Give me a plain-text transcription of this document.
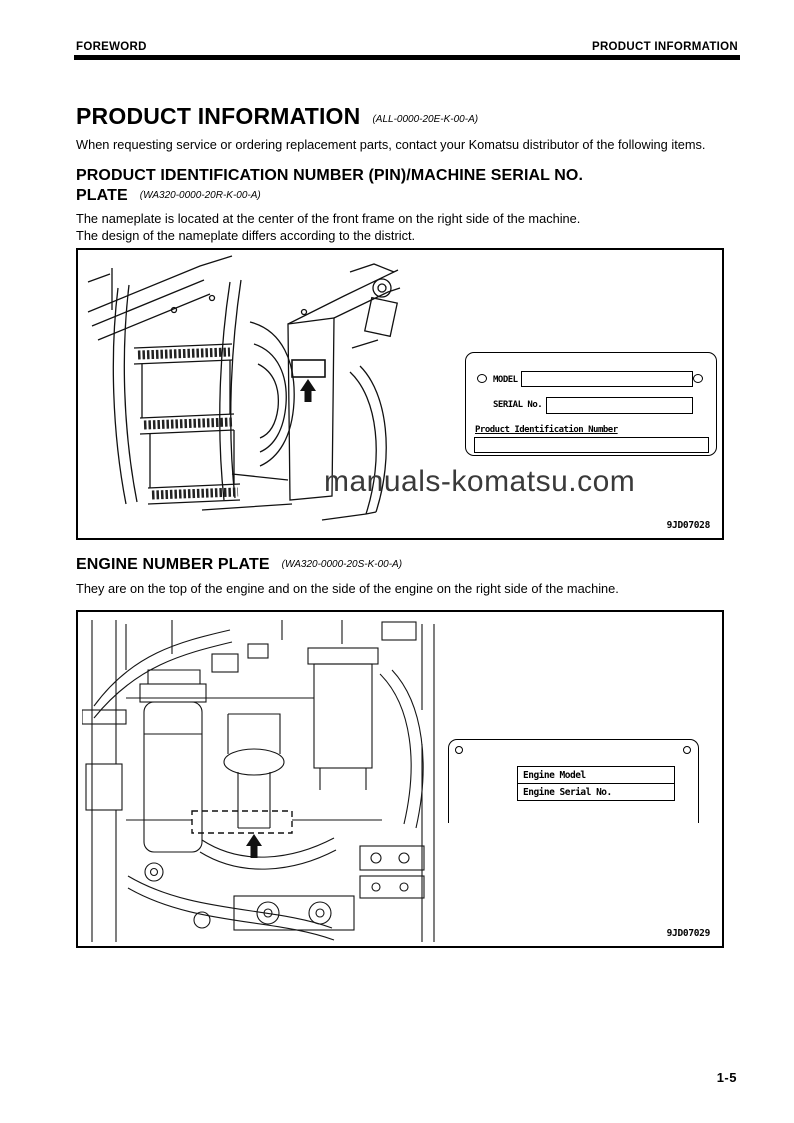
FOREWORD	PRODUCT INFORMATION
PRODUCT INFORMATION (ALL-0000-20E-K-00-A)

When requesting service or ordering replacement parts, contact your Komatsu distributor of the following items.

PRODUCT IDENTIFICATION NUMBER (PIN)/MACHINE SERIAL NO.
PLATE (WA320-0000-20R-K-00-A)

The nameplate is located at the center of the front frame on the right side of the machine.
The design of the nameplate differs according to the district.

MODEL
SERIAL No.
Product Identification Number
manuals-komatsu.com
9JD07028
ENGINE NUMBER PLATE (WA320-0000-20S-K-00-A)

They are on the top of the engine and on the side of the engine on the right side of the machine.

Engine Model
Engine Serial No.
9JD07029
1-5
